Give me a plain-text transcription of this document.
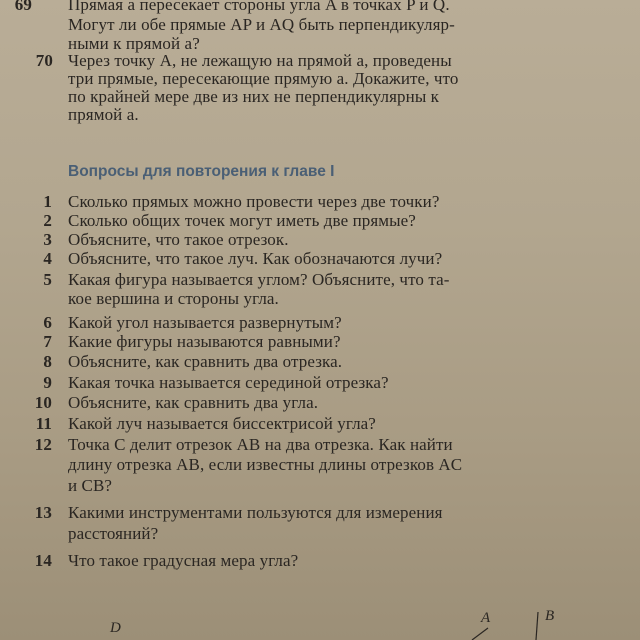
69 Прямая a пересекает стороны угла A в точках P и Q.
Могут ли обе прямые AP и AQ быть перпендикуляр-
ными к прямой a?
70 Через точку A, не лежащую на прямой a, проведены
три прямые, пересекающие прямую a. Докажите, что
по крайней мере две из них не перпендикулярны к
прямой a.
Вопросы для повторения к главе I
1 Сколько прямых можно провести через две точки?
2 Сколько общих точек могут иметь две прямые?
3 Объясните, что такое отрезок.
4 Объясните, что такое луч. Как обозначаются лучи?
5 Какая фигура называется углом? Объясните, что та-
кое вершина и стороны угла.
6 Какой угол называется развернутым?
7 Какие фигуры называются равными?
8 Объясните, как сравнить два отрезка.
9 Какая точка называется серединой отрезка?
10 Объясните, как сравнить два угла.
11 Какой луч называется биссектрисой угла?
12 Точка C делит отрезок AB на два отрезка. Как найти
длину отрезка AB, если известны длины отрезков AC
и CB?
13 Какими инструментами пользуются для измерения
расстояний?
14 Что такое градусная мера угла?
D
A	B
